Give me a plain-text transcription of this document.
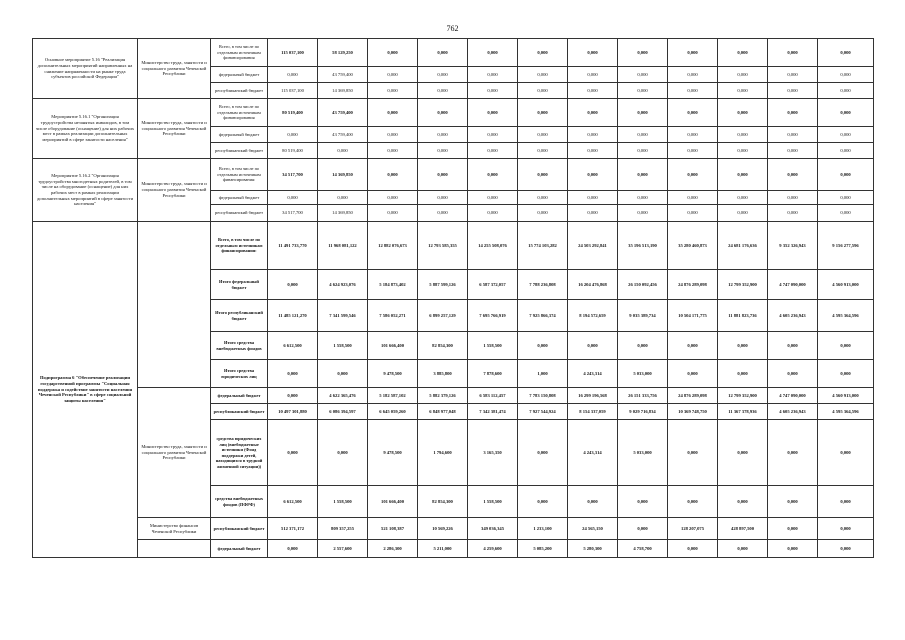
762
Основное мероприятие 5.16 "Реализация дополнительных мероприятий направленных на снижение напряженности на рынке труда субъектов российской Федерации"	Министерство труда, занятости и социального развития Чеченской Республики	Всего, в том числе по отдельным источникам финансирования	115 037,100	58 129,250	0,000	0,000	0,000	0,000	0,000	0,000	0,000	0,000	0,000	0,000
		федеральный бюджет	0,000	43 759,400	0,000	0,000	0,000	0,000	0,000	0,000	0,000	0,000	0,000	0,000
		республиканский бюджет	115 037,100	14 369,850	0,000	0,000	0,000	0,000	0,000	0,000	0,000	0,000	0,000	0,000
Мероприятие 5.16.1 "Организация трудоустройства незанятых инвалидов, в том числе оборудование (оснащение) для них рабочих мест в рамках реализации дополнительных мероприятий в сфере занятости населения"	Министерство труда, занятости и социального развития Чеченской Республики	Всего, в том числе по отдельным источникам финансирования	80 519,400	43 759,400	0,000	0,000	0,000	0,000	0,000	0,000	0,000	0,000	0,000	0,000
		федеральный бюджет	0,000	43 759,400	0,000	0,000	0,000	0,000	0,000	0,000	0,000	0,000	0,000	0,000
		республиканский бюджет	80 519,400	0,000	0,000	0,000	0,000	0,000	0,000	0,000	0,000	0,000	0,000	0,000
Мероприятие 5.16.2 "Организация трудоустройства многодетных родителей, в том числе на оборудование (оснащение) для них рабочих мест в рамках реализации дополнительных мероприятий в сфере занятости населения"	Министерство труда, занятости и социального развития Чеченской Республики	Всего, в том числе по отдельным источникам финансирования:	34 517,700	14 369,850	0,000	0,000	0,000	0,000	0,000	0,000	0,000	0,000	0,000	0,000
		федеральный бюджет	0,000	0,000	0,000	0,000	0,000	0,000	0,000	0,000	0,000	0,000	0,000	0,000
		республиканский бюджет	34 517,700	14 369,850	0,000	0,000	0,000	0,000	0,000	0,000	0,000	0,000	0,000	0,000
Подпрограмма 6 "Обеспечение реализации государственной программы "Социальная поддержка и содействие занятости населения Чеченской Республики" в сфере социальной защиты населения"		Всего, в том числе по отдельным источникам финансирования:	11 491 733,770	11 968 081,122	12 882 076,673	12 793 585,355	14 255 508,076	15 774 103,282	24 503 292,841	35 196 513,190	35 280 460,873	24 681 176,636	9 352 326,943	9 156 277,596
		Итого федеральный бюджет	0,000	4 624 923,076	5 184 873,402	5 887 599,126	6 587 372,057	7 788 236,808	16 204 476,868	26 150 092,456	24 876 289,098	12 799 352,900	4 747 090,000	4 560 913,000
		Итого республиканский бюджет	11 485 121,270	7 341 599,546	7 586 052,271	6 899 257,129	7 695 766,919	7 925 866,374	8 194 572,659	9 035 389,734	10 504 171,775	11 881 823,736	4 605 236,943	4 595 364,596
		Итого средства внебюджетных фондов	6 612,500	1 558,500	101 666,400	82 854,300	1 558,500	0,000	0,000	0,000	0,000	0,000	0,000	0,000
		Итого средства юридических лиц	0,000	0,000	9 478,500	3 885,800	7 878,600	1,000	4 243,314	5 033,000	0,000	0,000	0,000	0,000
	Министерство труда, занятости и социального развития Чеченской Республики	федеральный бюджет	0,000	4 622 365,476	5 182 587,102	5 882 379,126	6 583 112,457	7 783 150,808	16 299 196,568	26 151 333,756	24 876 289,098	12 799 352,900	4 747 090,000	4 560 913,000
		республиканский бюджет	10 497 301,880	6 086 394,597	6 645 059,260	6 848 977,048	7 342 381,474	7 927 544,924	8 154 337,059	9 029 716,834	10 369 748,750	11 367 378,936	4 605 236,943	4 595 364,596
		средства юридических лиц (внебюджетные источники (Фонд поддержки детей, находящихся в трудной жизненной ситуации))	0,000	0,000	9 478,500	1 794,600	3 165,350	0,000	4 243,314	5 033,000	0,000	0,000	0,000	0,000
		средства внебюджетных фондов (ПФРФ)	6 612,500	1 558,500	101 666,400	82 854,300	1 558,500	0,000	0,000	0,000	0,000	0,000	0,000	0,000
	Министерство финансов Чеченской Республики	республиканский бюджет	512 371,172	809 357,255	521 108,387	10 569,226	349 036,345	1 233,100	24 565,150	0,000	128 207,075	428 897,500	0,000	0,000
		федеральный бюджет	0,000	2 557,600	2 286,300	5 211,000	4 259,600	5 085,200	5 280,300	4 758,700	0,000	0,000	0,000	0,000
